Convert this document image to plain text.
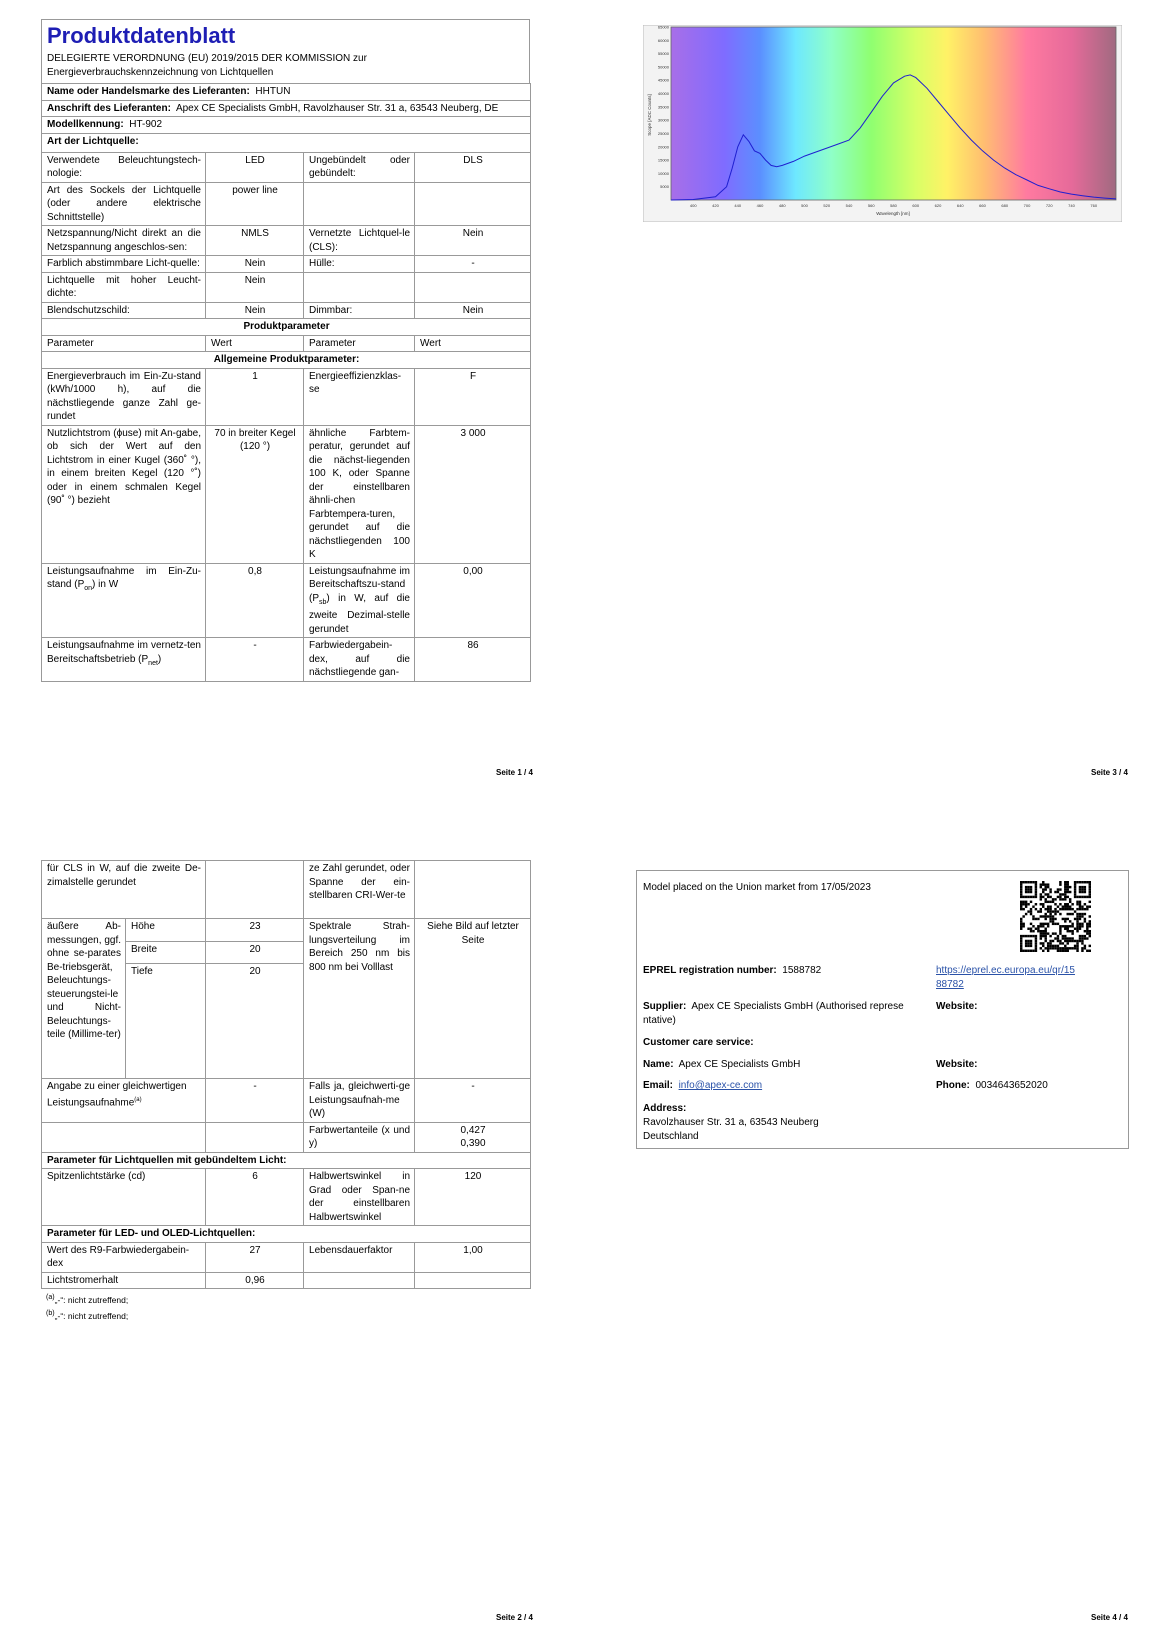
Produktdatenblatt
DELEGIERTE VERORDNUNG (EU) 2019/2015 DER KOMMISSION zur
Energieverbrauchskennzeichnung von Lichtquellen
Name oder Handelsmarke des Lieferanten: HHTUN			
Anschrift des Lieferanten: Apex CE Specialists GmbH, Ravolzhauser Str. 31 a, 63543 Neuberg, DE			
Modellkennung: HT-902			
Art der Lichtquelle:			
Verwendete Beleuchtungstech-nologie:	LED	Ungebündelt oder gebündelt:	DLS
Art des Sockels der Lichtquelle (oder andere elektrische Schnittstelle)	power line		
Netzspannung/Nicht direkt an die Netzspannung angeschlos-sen:	NMLS	Vernetzte Lichtquel-le (CLS):	Nein
Farblich abstimmbare Licht-quelle:	Nein	Hülle:	-
Lichtquelle mit hoher Leucht-dichte:	Nein		
Blendschutzschild:	Nein	Dimmbar:	Nein
Produktparameter			
Parameter	Wert	Parameter	Wert
Allgemeine Produktparameter:			
Energieverbrauch im Ein-Zu-stand (kWh/1000 h), auf die nächstliegende ganze Zahl ge-rundet	1	Energieeffizienzklas-se	F
Nutzlichtstrom (ϕuse) mit An-gabe, ob sich der Wert auf den Lichtstrom in einer Kugel (360˚ °), in einem breiten Kegel (120 °˚) oder in einem schmalen Kegel (90˚ °) bezieht	70 in breiter Kegel (120 °)	ähnliche Farbtem-peratur, gerundet auf die nächst-liegenden 100 K, oder Spanne der einstellbaren ähnli-chen Farbtempera-turen, gerundet auf die nächstliegenden 100 K	3 000
Leistungsaufnahme im Ein-Zu-stand $(P_{on})$ in W	0,8	Leistungsaufnahme im Bereitschaftszu-stand $(P_{sb})$ in W, auf die zweite Dezimal-stelle gerundet	0,00
Leistungsaufnahme im vernetz-ten Bereitschaftsbetrieb $(P_{net})$	-	Farbwiedergabein-dex, auf die nächstliegende gan-	86
Seite 1 / 4
5000
10000
15000
20000
25000
30000
35000
40000
45000
50000
55000
60000
65000
400	420	440	460	480	500	520	540	560	580	600	620	640	660	680	700	720	740	760
Scope [ADC Counts]
Wavelength [nm]
Seite 3 / 4
für CLS in W, auf die zweite De-zimalstelle gerundet			ze Zahl gerundet, oder Spanne der ein-stellbaren CRI-Wer-te	
äußere Ab-messungen, ggf. ohne se-parates Be-triebsgerät, Beleuchtungs-steuerungstei-le und Nicht-Beleuchtungs-teile (Millime-ter)	Höhe	23	Spektrale Strah-lungsverteilung im Bereich 250 nm bis 800 nm bei Volllast	Siehe Bild auf letzter Seite
	Breite	20		
	Tiefe	20		
Angabe zu einer gleichwertigen Leistungsaufnahme$^{(a)}$		-	Falls ja, gleichwerti-ge Leistungsaufnah-me (W)	-
			Farbwertanteile (x und y)	0,427
0,390
Parameter für Lichtquellen mit gebündeltem Licht:				
Spitzenlichtstärke (cd)		6	Halbwertswinkel in Grad oder Span-ne der einstellbaren Halbwertswinkel	120
Parameter für LED- und OLED-Lichtquellen:				
Wert des R9-Farbwiedergabein-dex		27	Lebensdauerfaktor	1,00
Lichtstromerhalt		0,96		
$^{(a)}$„-“: nicht zutreffend;
$^{(b)}$„-“: nicht zutreffend;
Seite 2 / 4
Model placed on the Union market from 17/05/2023
EPREL registration number: 1588782	https://eprel.ec.europa.eu/qr/15
88782
Supplier: Apex CE Specialists GmbH (Authorised represe
ntative)
Website:
Customer care service:
Name: Apex CE Specialists GmbH	Website:
Email: info@apex-ce.com	Phone: 0034643652020
Address:
Ravolzhauser Str. 31 a, 63543 Neuberg
Deutschland
Seite 4 / 4
